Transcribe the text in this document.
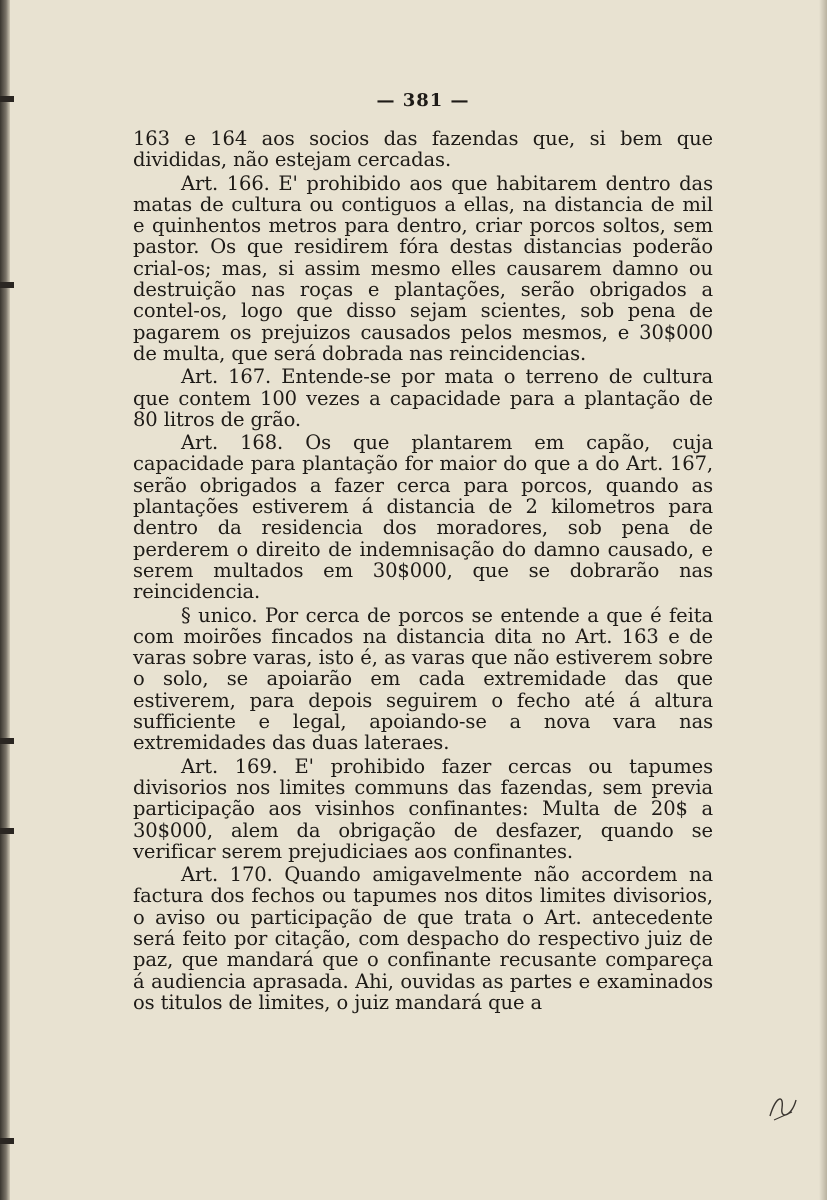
— 381 —

163 e 164 aos socios das fazendas que, si bem que divididas, não estejam cercadas.

Art. 166. E' prohibido aos que habitarem dentro das matas de cultura ou contiguos a ellas, na distancia de mil e quinhentos metros para dentro, criar porcos soltos, sem pastor. Os que residirem fóra destas distancias poderão crial-os; mas, si assim mesmo elles causarem damno ou destruição nas roças e plantações, serão obrigados a contel-os, logo que disso sejam scientes, sob pena de pagarem os prejuizos causados pelos mesmos, e 30$000 de multa, que será dobrada nas reincidencias.

Art. 167. Entende-se por mata o terreno de cultura que contem 100 vezes a capacidade para a plantação de 80 litros de grão.

Art. 168. Os que plantarem em capão, cuja capacidade para plantação for maior do que a do Art. 167, serão obrigados a fazer cerca para porcos, quando as plantações estiverem á distancia de 2 kilometros para dentro da residencia dos moradores, sob pena de perderem o direito de indemnisação do damno causado, e serem multados em 30$000, que se dobrarão nas reincidencia.

§ unico. Por cerca de porcos se entende a que é feita com moirões fincados na distancia dita no Art. 163 e de varas sobre varas, isto é, as varas que não estiverem sobre o solo, se apoiarão em cada extremidade das que estiverem, para depois seguirem o fecho até á altura sufficiente e legal, apoiando-se a nova vara nas extremidades das duas lateraes.

Art. 169. E' prohibido fazer cercas ou tapumes divisorios nos limites communs das fazendas, sem previa participação aos visinhos confinantes: Multa de 20$ a 30$000, alem da obrigação de desfazer, quando se verificar serem prejudiciaes aos confinantes.

Art. 170. Quando amigavelmente não accordem na factura dos fechos ou tapumes nos ditos limites divisorios, o aviso ou participação de que trata o Art. antecedente será feito por citação, com despacho do respectivo juiz de paz, que mandará que o confinante recusante compareça á audiencia aprasada. Ahi, ouvidas as partes e examinados os titulos de limites, o juiz mandará que a
